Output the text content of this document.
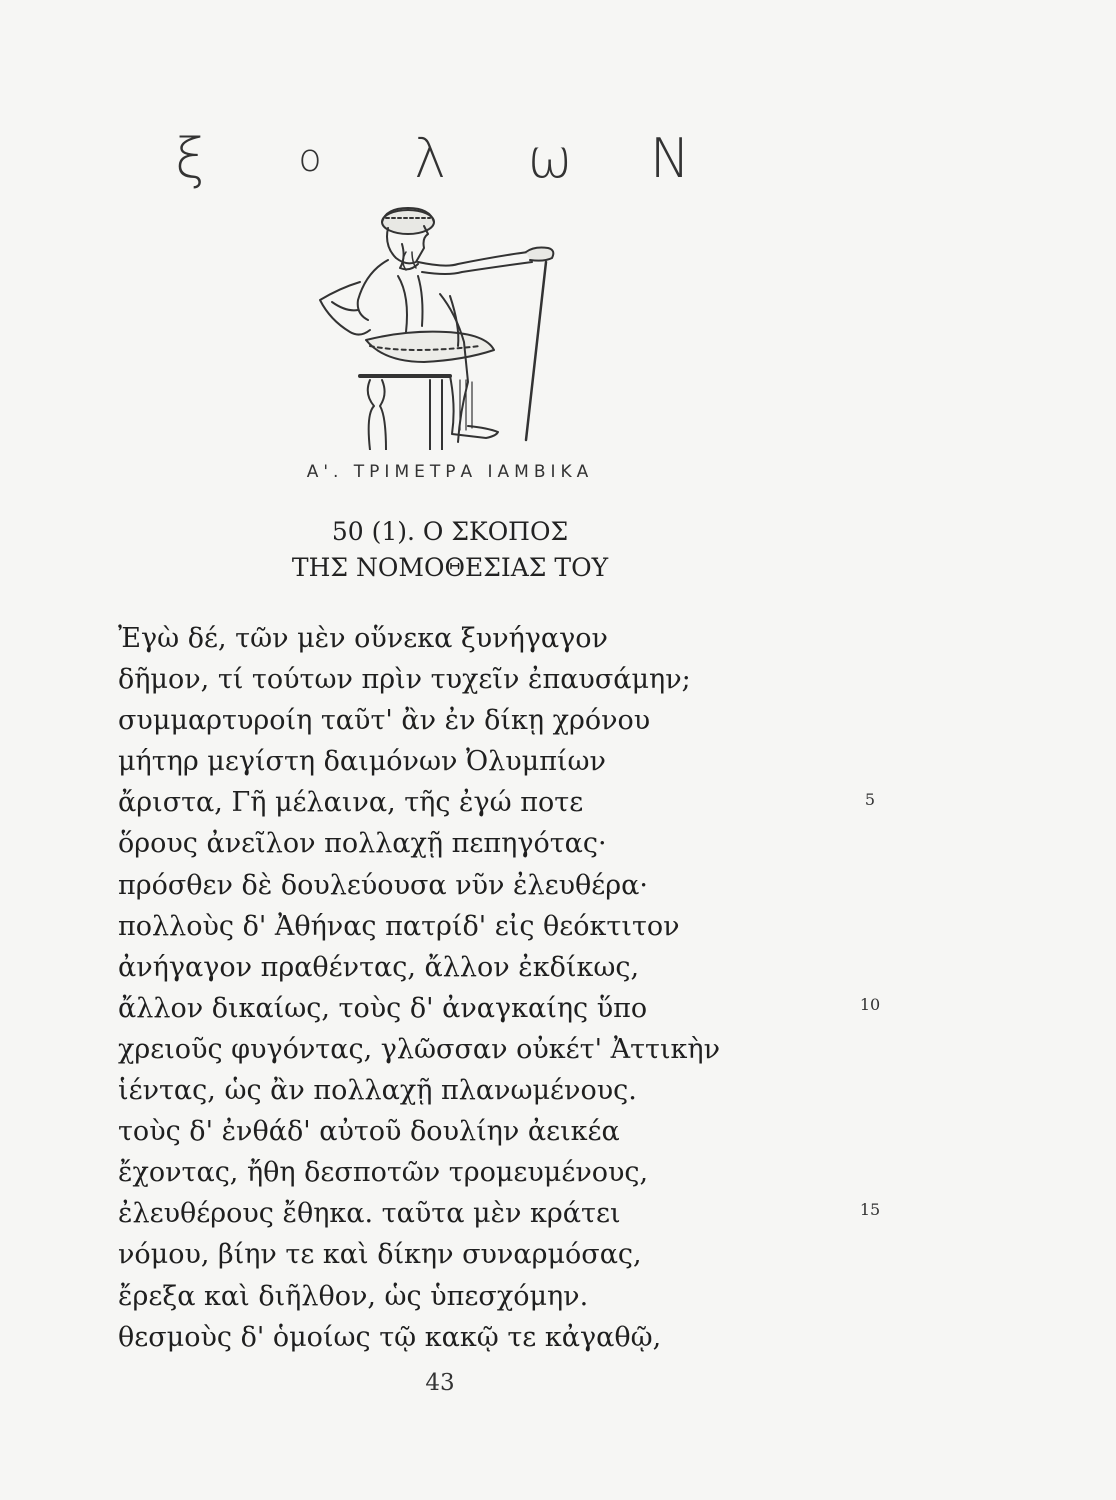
ξ	ο	λ ω Ν
Α'. ΤΡΙΜΕΤΡΑ ΙΑΜΒΙΚΑ
50 (1). Ο ΣΚΟΠΟΣ
ΤΗΣ ΝΟΜΟΘΕΣΙΑΣ ΤΟΥ
Ἐγὼ δέ, τῶν μὲν οὕνεκα ξυνήγαγον
δῆμον, τί τούτων πρὶν τυχεῖν ἐπαυσάμην;
συμμαρτυροίη ταῦτ' ἂν ἐν δίκῃ χρόνου
μήτηρ μεγίστη δαιμόνων Ὀλυμπίων
ἄριστα, Γῆ μέλαινα, τῆς ἐγώ ποτε
ὅρους ἀνεῖλον πολλαχῇ πεπηγότας·
πρόσθεν δὲ δουλεύουσα νῦν ἐλευθέρα·
πολλοὺς δ' Ἀθήνας πατρίδ' εἰς θεόκτιτον
ἀνήγαγον πραθέντας, ἄλλον ἐκδίκως,
ἄλλον δικαίως, τοὺς δ' ἀναγκαίης ὕπο
χρειοῦς φυγόντας, γλῶσσαν οὐκέτ' Ἀττικὴν
ἱέντας, ὡς ἂν πολλαχῇ πλανωμένους.
τοὺς δ' ἐνθάδ' αὐτοῦ δουλίην ἀεικέα
ἔχοντας, ἤθη δεσποτῶν τρομευμένους,
ἐλευθέρους ἔθηκα. ταῦτα μὲν κράτει
νόμου, βίην τε καὶ δίκην συναρμόσας,
ἔρεξα καὶ διῆλθον, ὡς ὑπεσχόμην.
θεσμοὺς δ' ὁμοίως τῷ κακῷ τε κἀγαθῷ,
5
10
15
43
